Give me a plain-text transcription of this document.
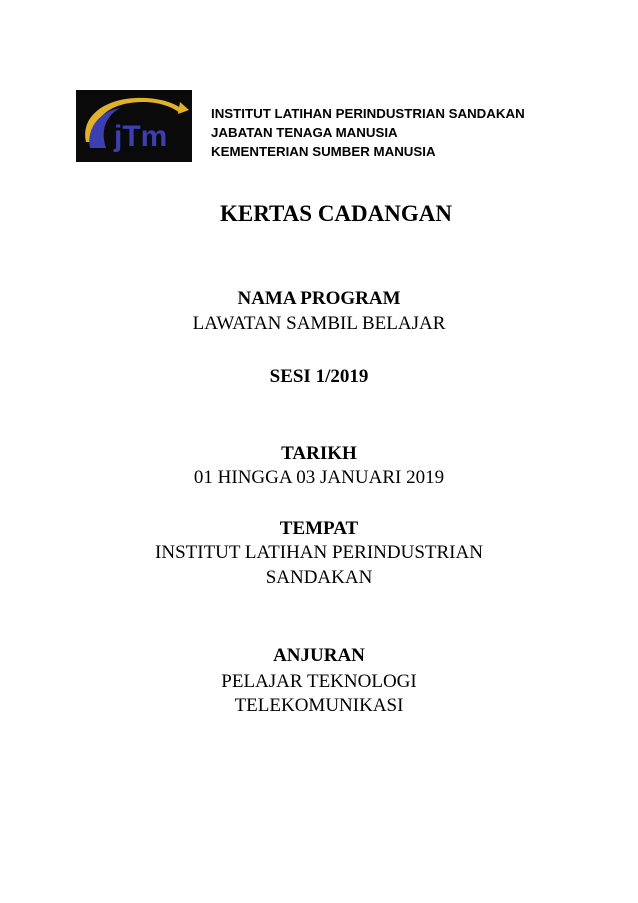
jTm
INSTITUT LATIHAN PERINDUSTRIAN SANDAKAN
JABATAN TENAGA MANUSIA
KEMENTERIAN SUMBER MANUSIA
KERTAS CADANGAN
NAMA PROGRAM
LAWATAN SAMBIL BELAJAR
SESI 1/2019
TARIKH
01 HINGGA 03 JANUARI 2019
TEMPAT
INSTITUT LATIHAN PERINDUSTRIAN
SANDAKAN
ANJURAN
PELAJAR TEKNOLOGI
TELEKOMUNIKASI
